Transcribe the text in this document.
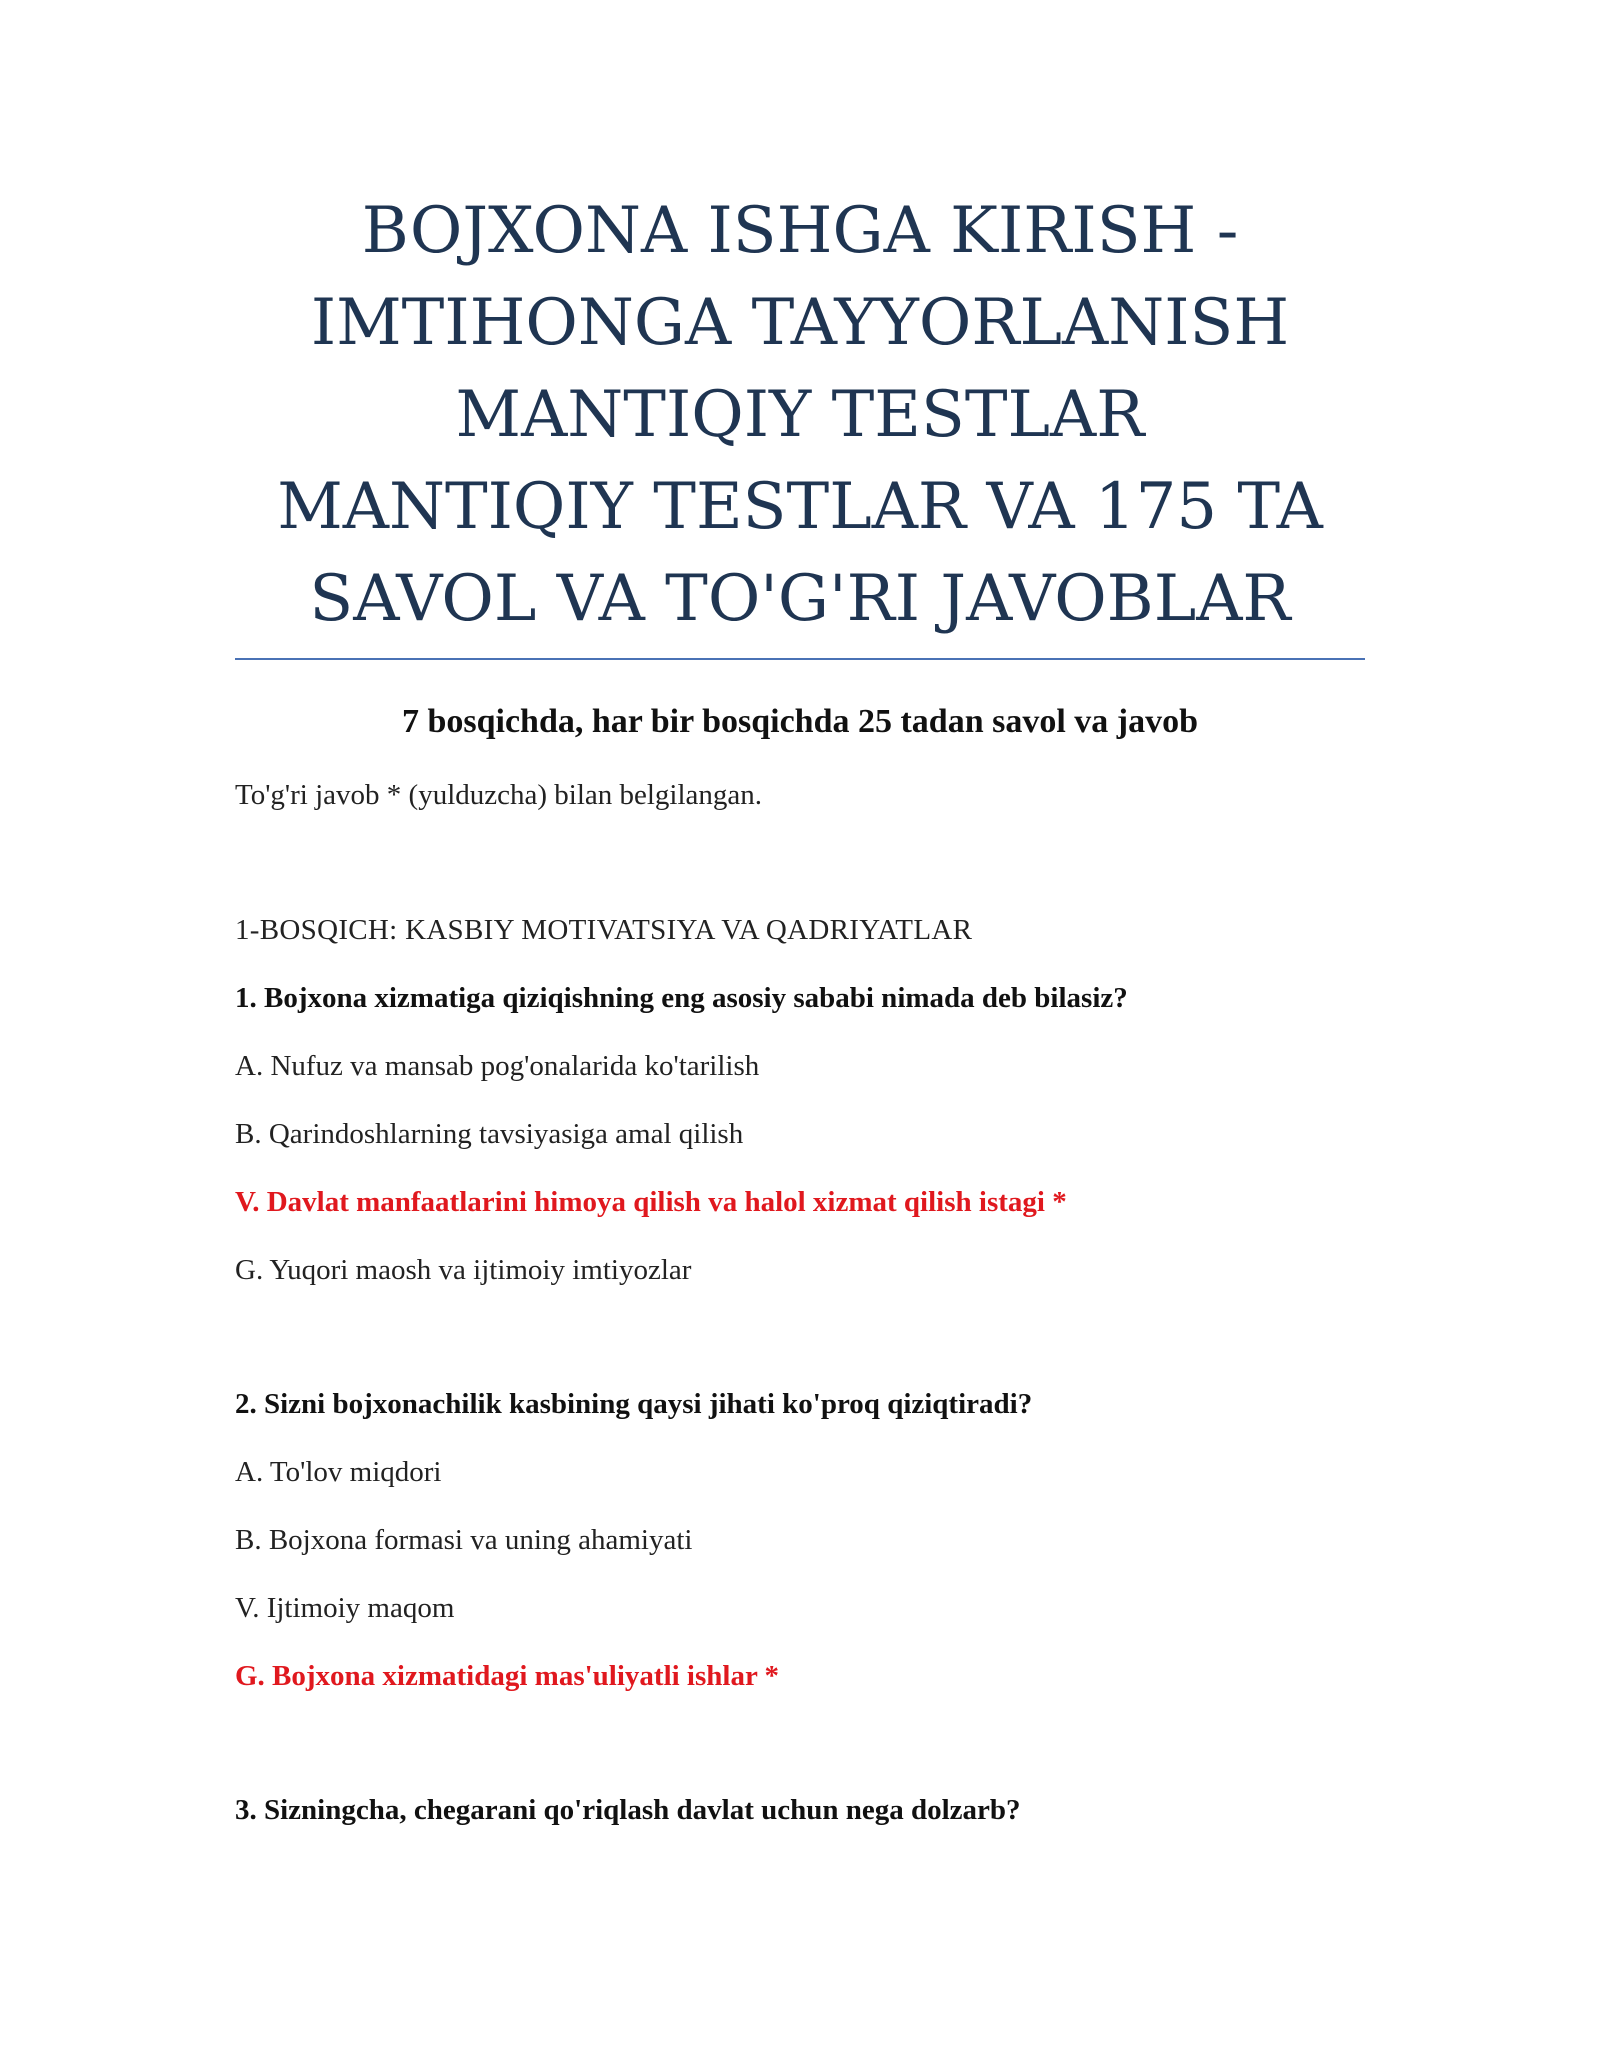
BOJXONA ISHGA KIRISH -
IMTIHONGA TAYYORLANISH
MANTIQIY TESTLAR
MANTIQIY TESTLAR VA 175 TA
SAVOL VA TO'G'RI JAVOBLAR
7 bosqichda, har bir bosqichda 25 tadan savol va javob
To'g'ri javob * (yulduzcha) bilan belgilangan.
1-BOSQICH: KASBIY MOTIVATSIYA VA QADRIYATLAR
1. Bojxona xizmatiga qiziqishning eng asosiy sababi nimada deb bilasiz?
A. Nufuz va mansab pog'onalarida ko'tarilish
B. Qarindoshlarning tavsiyasiga amal qilish
V. Davlat manfaatlarini himoya qilish va halol xizmat qilish istagi *
G. Yuqori maosh va ijtimoiy imtiyozlar
2. Sizni bojxonachilik kasbining qaysi jihati ko'proq qiziqtiradi?
A. To'lov miqdori
B. Bojxona formasi va uning ahamiyati
V. Ijtimoiy maqom
G. Bojxona xizmatidagi mas'uliyatli ishlar *
3. Sizningcha, chegarani qo'riqlash davlat uchun nega dolzarb?
